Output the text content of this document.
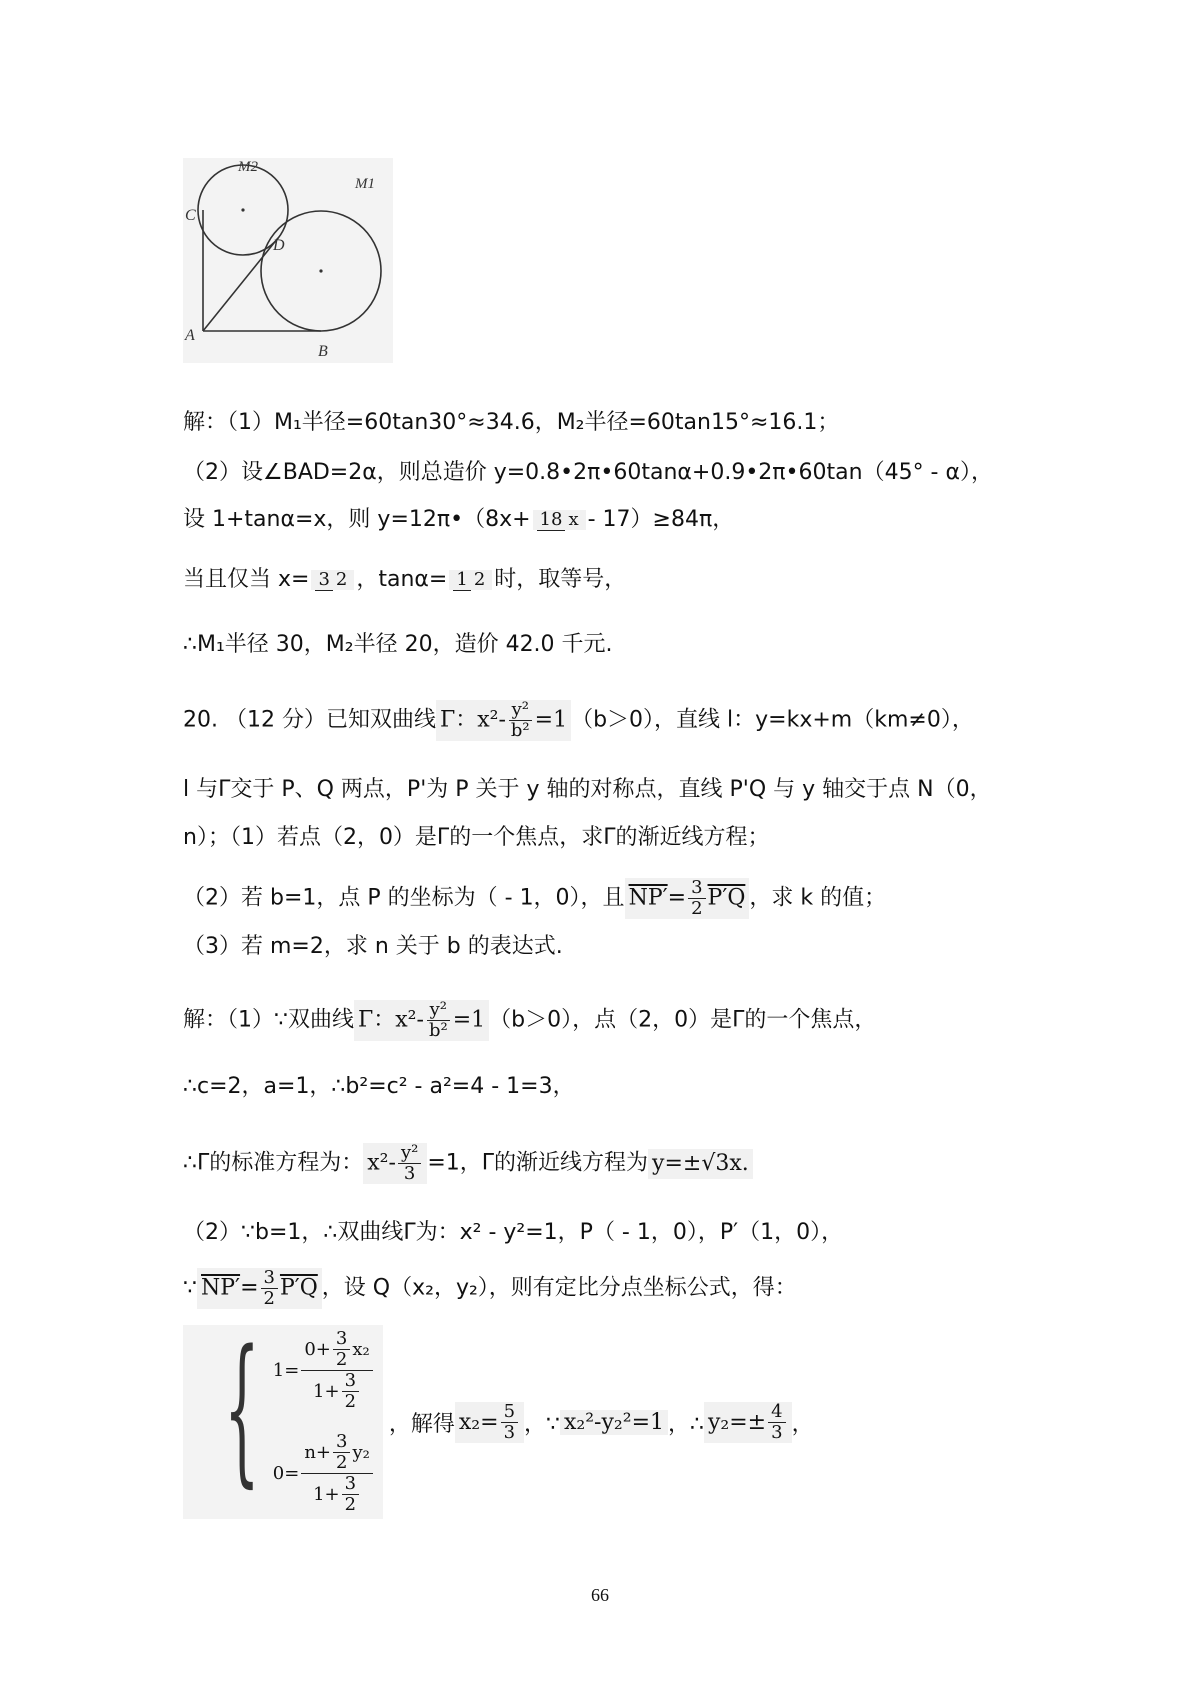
M2
C
D
M1
A
B
解：（1）M₁半径=60tan30°≈34.6，M₂半径=60tan15°≈16.1；
（2）设∠BAD=2α，则总造价 y=0.8•2π•60tanα+0.9•2π•60tan（45° - α），
设 1+tanα=x，则 y=12π•（8x+ 18 x - 17）≥84π，
当且仅当 x= 3 2 ，tanα= 1 2 时，取等号，
∴M₁半径 30，M₂半径 20，造价 42.0 千元.
20. （12 分）已知双曲线 Γ：$x^2- \frac{\text{y²}}{\text{b²}} =1$ （b＞0），直线 l：y=kx+m（km≠0），
l 与Γ交于 P、Q 两点，P'为 P 关于 y 轴的对称点，直线 P'Q 与 y 轴交于点 N（0，
n）；（1）若点（2，0）是Γ的一个焦点，求Γ的渐近线方程；
（2）若 b=1，点 P 的坐标为（ - 1，0），且 $NP'= \frac{3}{2} P'Q$ ，求 k 的值；
（3）若 m=2，求 n 关于 b 的表达式.
解：（1）∵双曲线 Γ：$x^2- \frac{\text{y²}}{\text{b²}} =1$ （b＞0），点（2，0）是Γ的一个焦点，
∴c=2，a=1，∴b²=c² - a²=4 - 1=3，
∴Γ的标准方程为： $x^2- \frac{\text{y²}}{3} =1$，Γ的渐近线方程为 y=±√3x.
（2）∵b=1，∴双曲线Γ为：x² - y²=1，P（ - 1，0），P′（1，0），
∵ $NP'= \frac{3}{2} P'Q$ ，设 Q（x₂，y₂），则有定比分点坐标公式，得：
{ $1= \frac{0+ \frac{3}{2} x_2}{1+ \frac{3}{2}}$
$0= \frac{n+ \frac{3}{2} y_2}{1+ \frac{3}{2}}$
，解得 $x_2= \frac{5}{3}$ ，∵ x₂²-y₂²=1 ，∴ $y_2=\pm \frac{4}{3}$ ，
66
